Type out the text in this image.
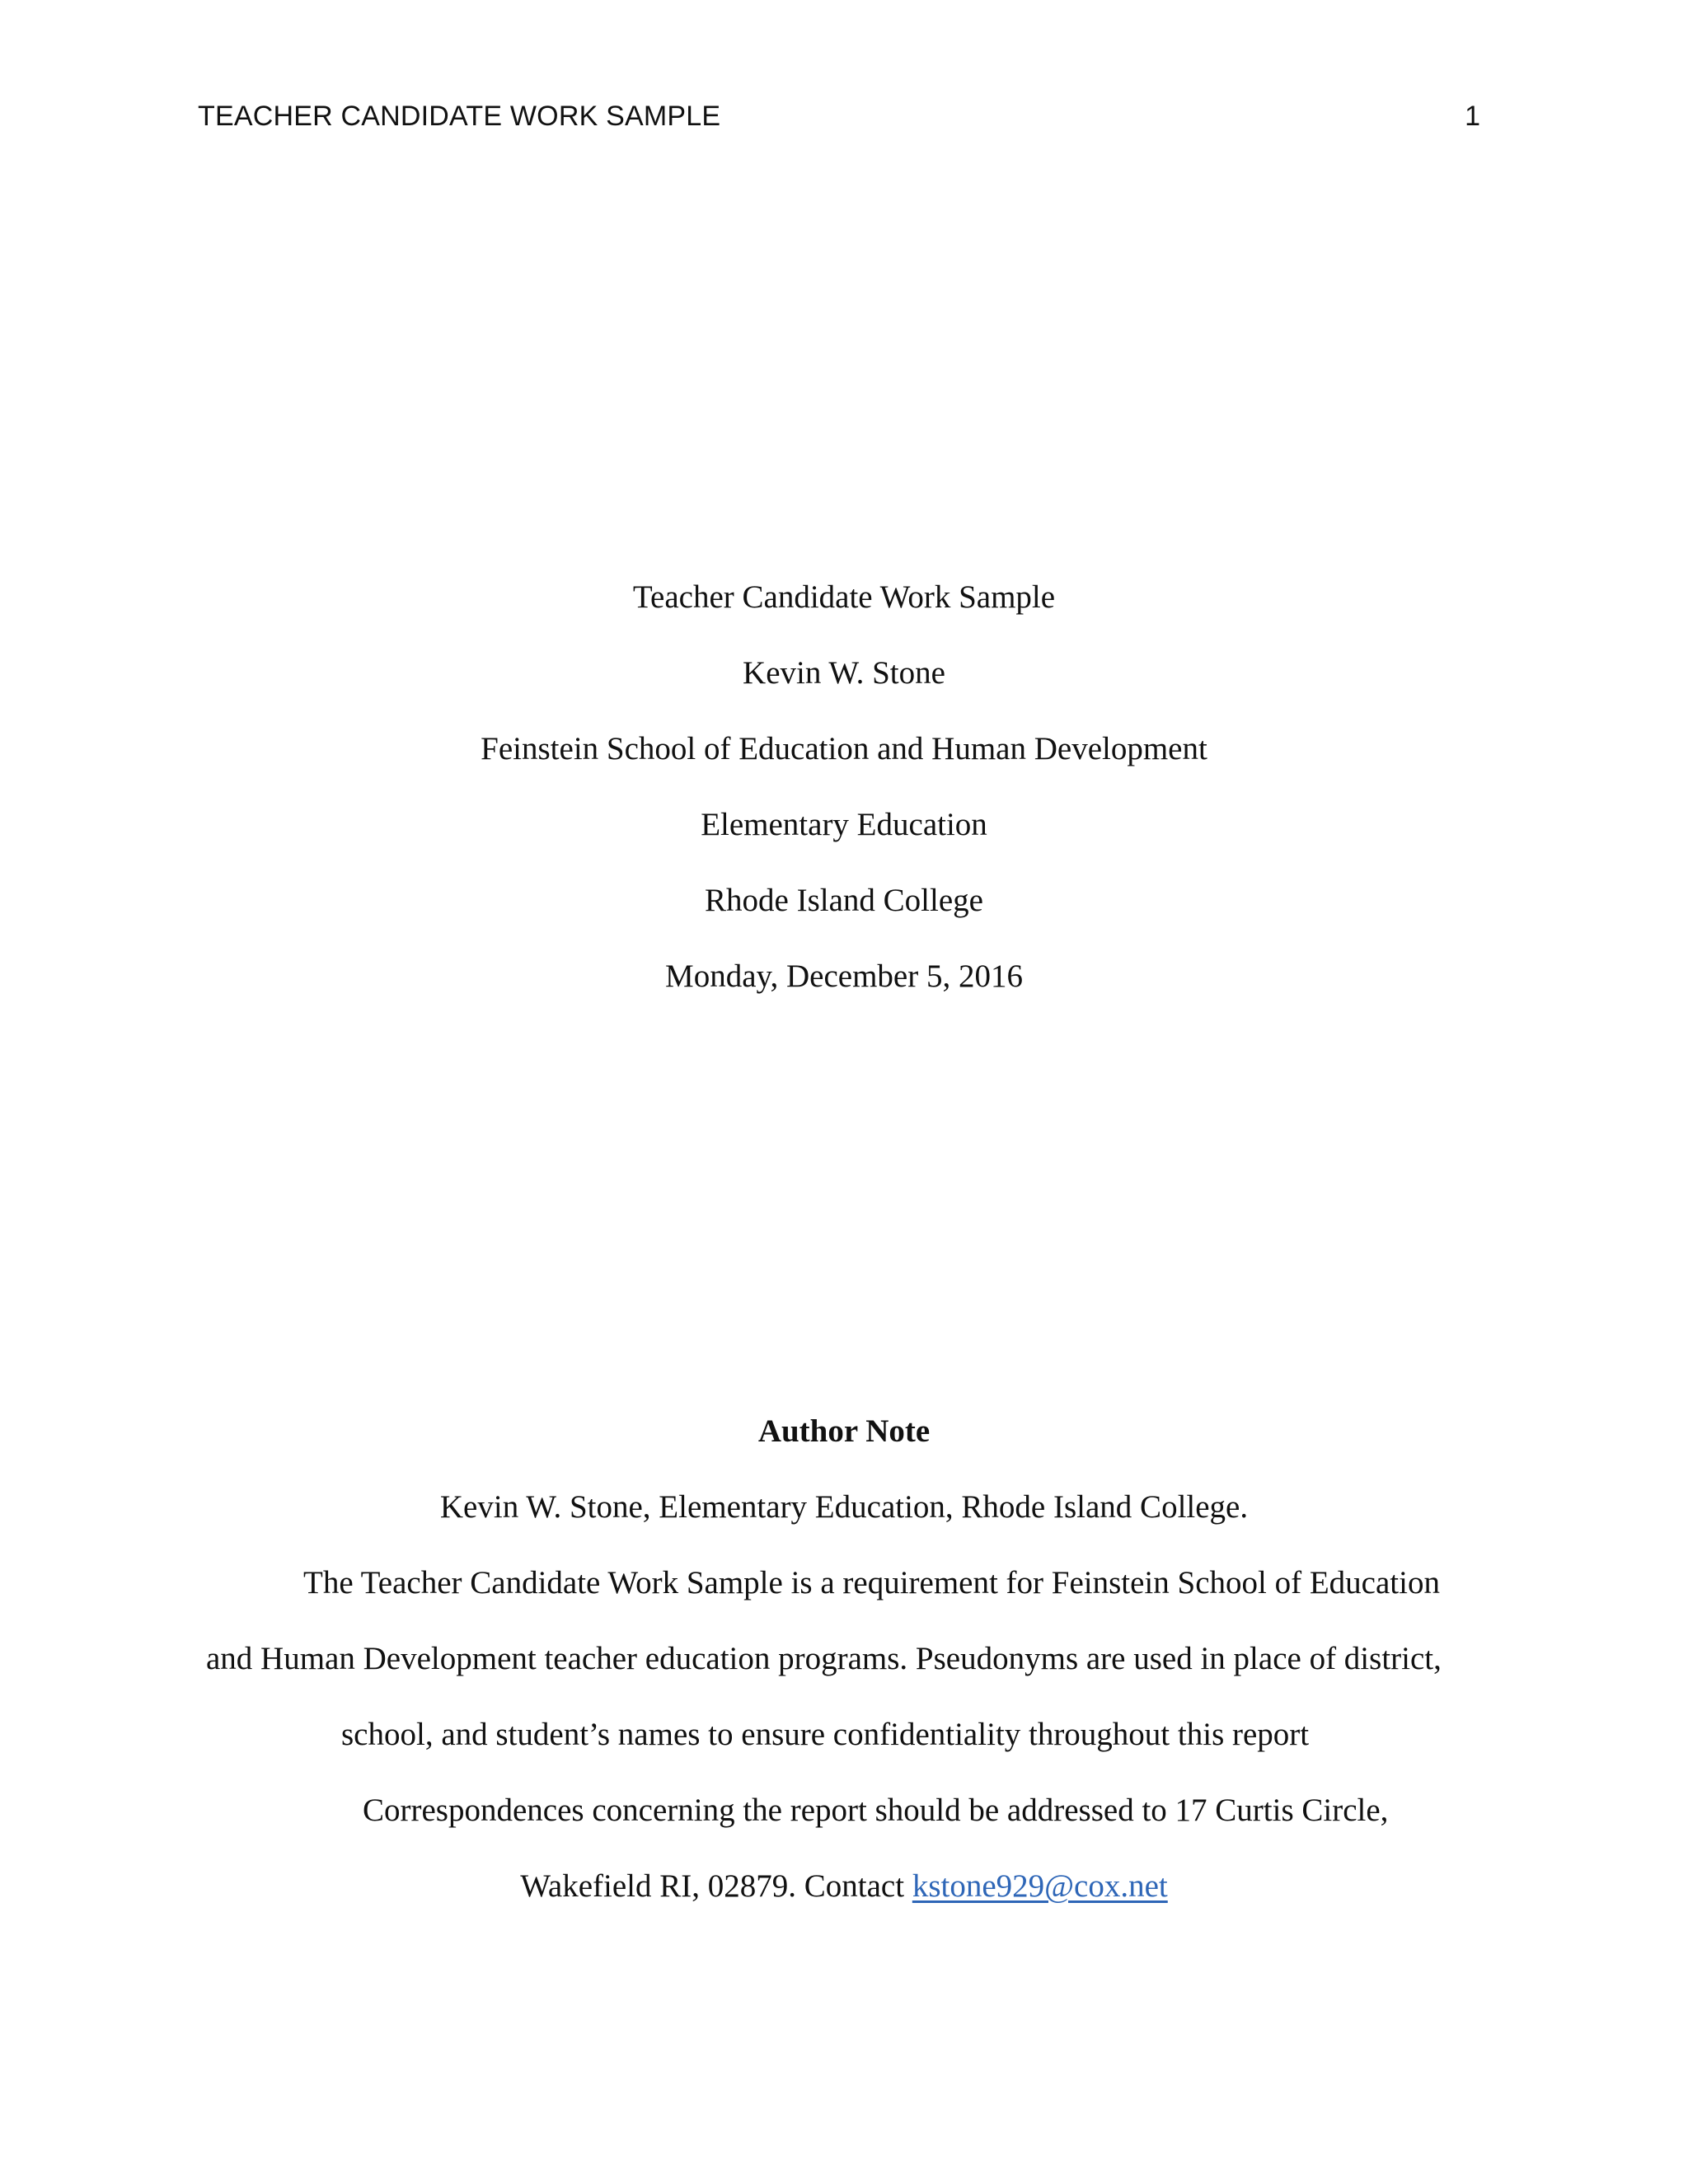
TEACHER CANDIDATE WORK SAMPLE	1
Teacher Candidate Work Sample
Kevin W. Stone
Feinstein School of Education and Human Development
Elementary Education
Rhode Island College
Monday, December 5, 2016
Author Note
Kevin W. Stone, Elementary Education, Rhode Island College.
The Teacher Candidate Work Sample is a requirement for Feinstein School of Education
and Human Development teacher education programs. Pseudonyms are used in place of district,
school, and student’s names to ensure confidentiality throughout this report
Correspondences concerning the report should be addressed to 17 Curtis Circle,
Wakefield RI, 02879. Contact kstone929@cox.net
